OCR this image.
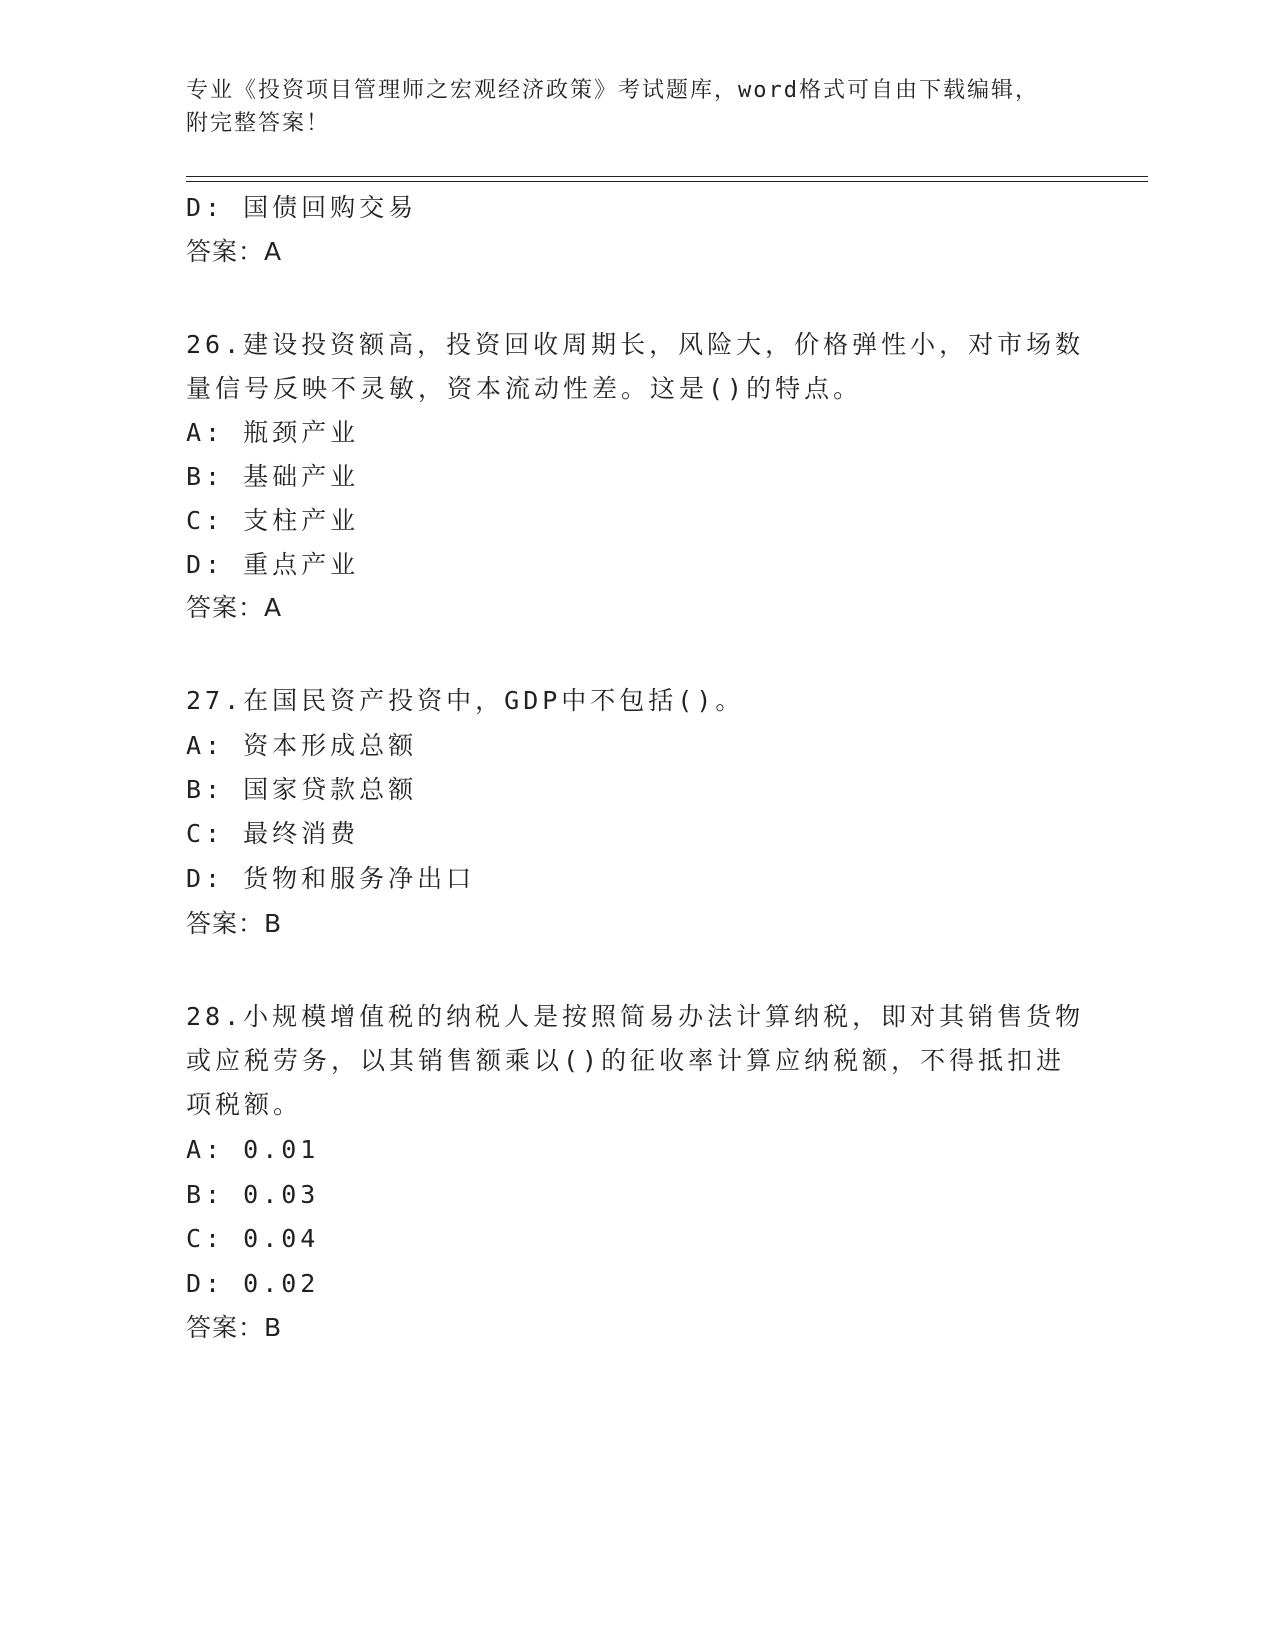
专业《投资项目管理师之宏观经济政策》考试题库，word格式可自由下载编辑，
附完整答案！
D: 国债回购交易
答案：A
26.建设投资额高，投资回收周期长，风险大，价格弹性小，对市场数
量信号反映不灵敏，资本流动性差。这是()的特点。
A: 瓶颈产业
B: 基础产业
C: 支柱产业
D: 重点产业
答案：A
27.在国民资产投资中，GDP中不包括()。
A: 资本形成总额
B: 国家贷款总额
C: 最终消费
D: 货物和服务净出口
答案：B
28.小规模增值税的纳税人是按照简易办法计算纳税，即对其销售货物
或应税劳务，以其销售额乘以()的征收率计算应纳税额，不得抵扣进
项税额。
A: 0.01
B: 0.03
C: 0.04
D: 0.02
答案：B
